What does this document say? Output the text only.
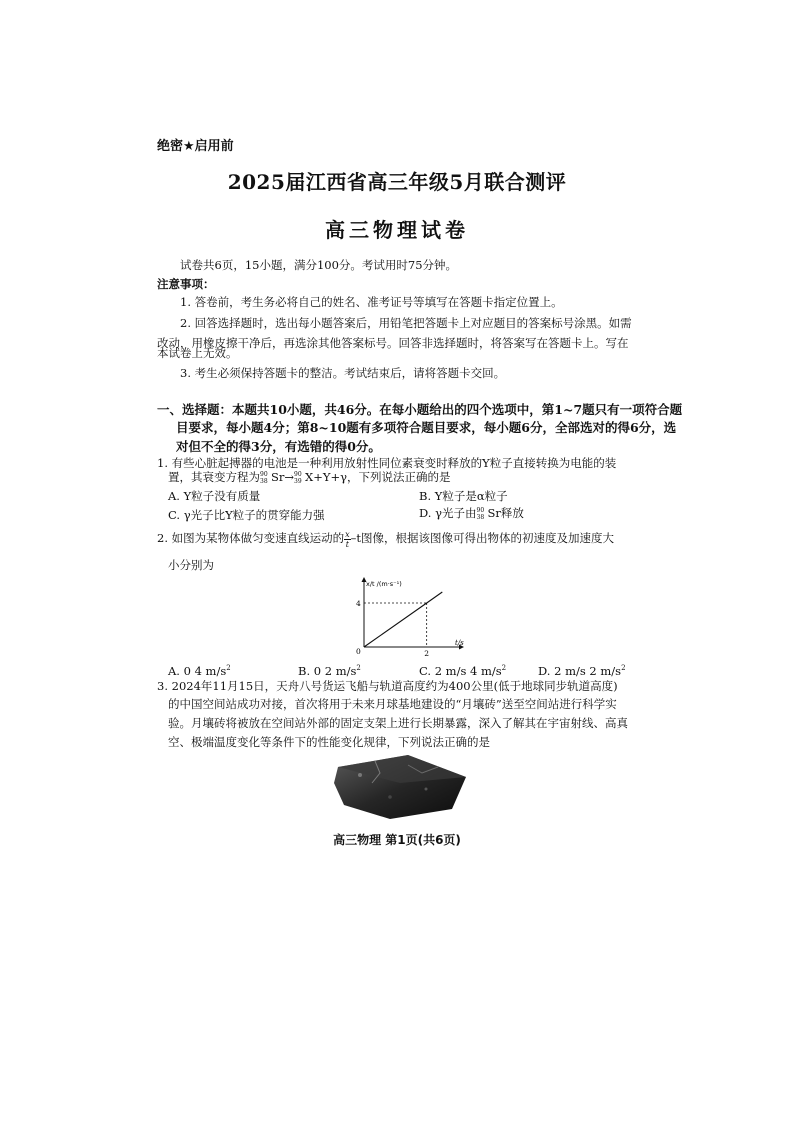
绝密★启用前
2025届江西省高三年级5月联合测评
高三物理试卷
试卷共6页，15小题，满分100分。考试用时75分钟。
注意事项：
1. 答卷前，考生务必将自己的姓名、准考证号等填写在答题卡指定位置上。
2. 回答选择题时，选出每小题答案后，用铅笔把答题卡上对应题目的答案标号涂黑。如需
改动，用橡皮擦干净后，再选涂其他答案标号。回答非选择题时，将答案写在答题卡上。写在
本试卷上无效。
3. 考生必须保持答题卡的整洁。考试结束后，请将答题卡交回。
一、选择题：本题共10小题，共46分。在每小题给出的四个选项中，第1~7题只有一项符合题
目要求，每小题4分；第8~10题有多项符合题目要求，每小题6分，全部选对的得6分，选
对但不全的得3分，有选错的得0分。
1. 有些心脏起搏器的电池是一种利用放射性同位素衰变时释放的Y粒子直接转换为电能的装
置，其衰变方程为 90
38 Sr→ 90
39 X+Y+γ，下列说法正确的是
A. Y粒子没有质量	B. Y粒子是α粒子
C. γ光子比Y粒子的贯穿能力强	D. γ光子由 90
38 Sr释放
2. 如图为某物体做匀变速直线运动的 $\frac{x}{t}-t$图像，根据该图像可得出物体的初速度及加速度大
小分别为
x/t /(m·s⁻¹)
t/s
0	2
4
A. 0 4 $m/s^2$	B. 0 2 $m/s^2$	C. 2 m/s 4 $m/s^2$	D. 2 m/s 2 $m/s^2$
3. 2024年11月15日，天舟八号货运飞船与轨道高度约为400公里(低于地球同步轨道高度)
的中国空间站成功对接，首次将用于未来月球基地建设的“月壤砖”送至空间站进行科学实
验。月壤砖将被放在空间站外部的固定支架上进行长期暴露，深入了解其在宇宙射线、高真
空、极端温度变化等条件下的性能变化规律，下列说法正确的是
高三物理 第1页(共6页)
